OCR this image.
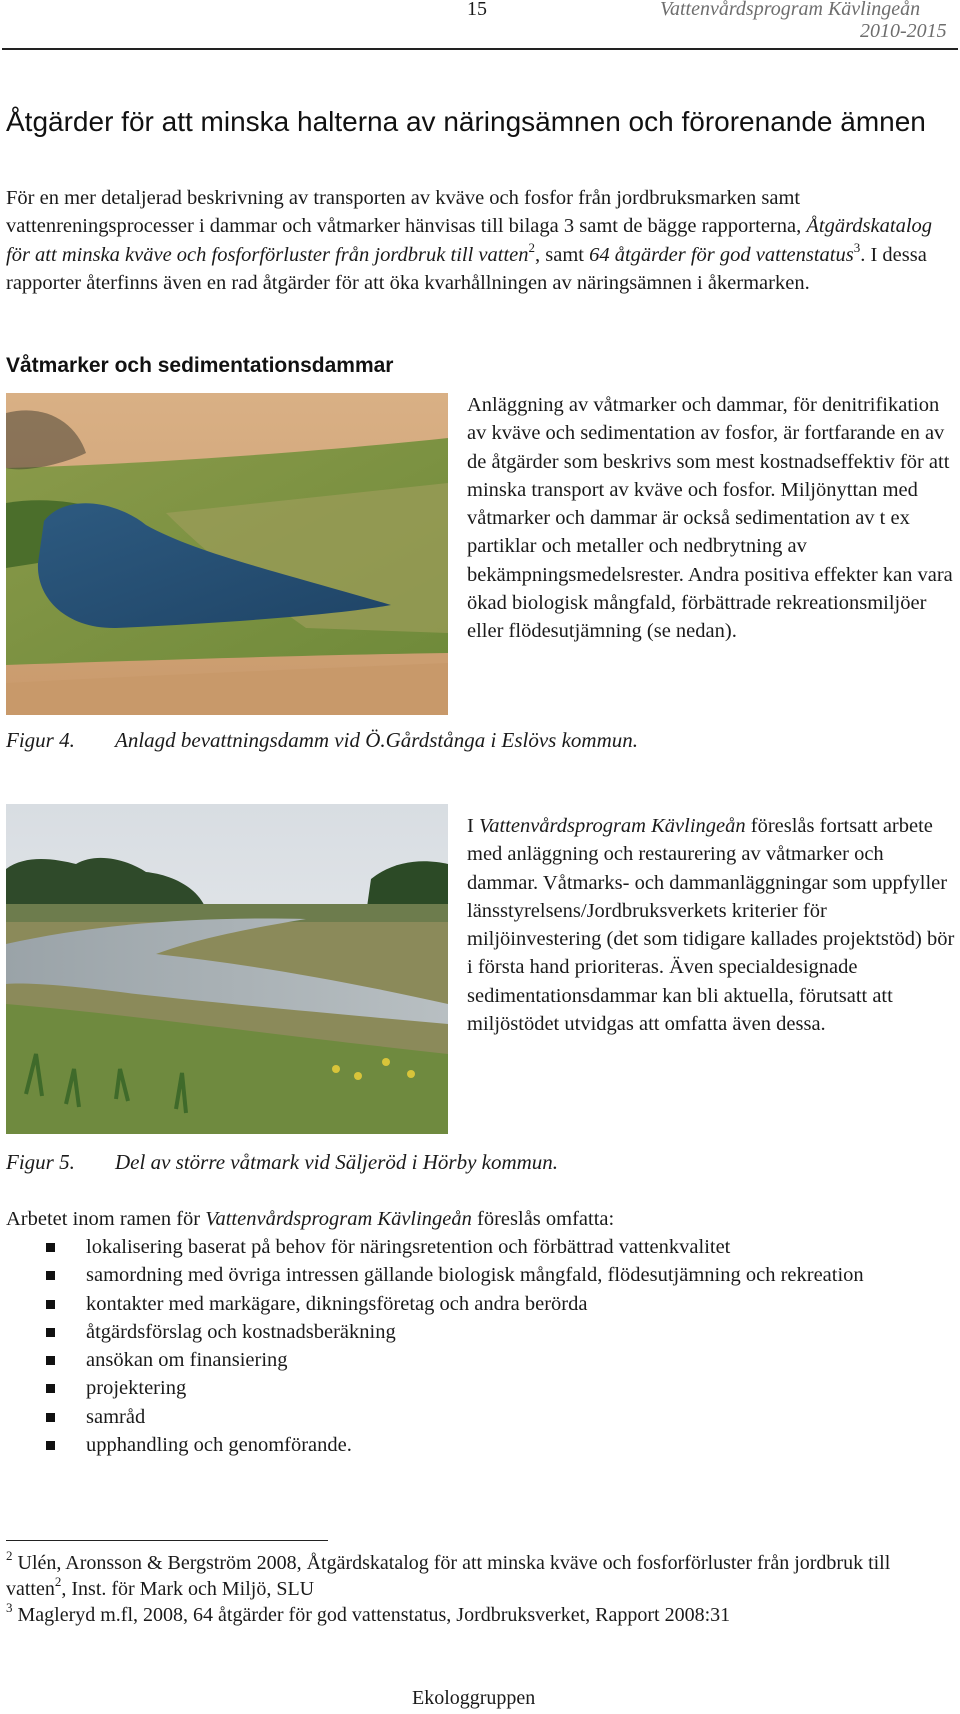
15	Vattenvårdsprogram Kävlingeån
2010-2015
Åtgärder för att minska halterna av näringsämnen och förorenande ämnen
För en mer detaljerad beskrivning av transporten av kväve och fosfor från jordbruksmarken samt vattenreningsprocesser i dammar och våtmarker hänvisas till bilaga 3 samt de bägge rapporterna, Åtgärdskatalog för att minska kväve och fosforförluster från jordbruk till vatten$^2$, samt 64 åtgärder för god vattenstatus$^3$. I dessa rapporter återfinns även en rad åtgärder för att öka kvarhållningen av näringsämnen i åkermarken.
Våtmarker och sedimentationsdammar
Anläggning av våtmarker och dammar, för denitrifikation av kväve och sedimentation av fosfor, är fortfarande en av de åtgärder som beskrivs som mest kostnadseffektiv för att minska transport av kväve och fosfor. Miljönyttan med våtmarker och dammar är också sedimentation av t ex partiklar och metaller och nedbrytning av bekämpningsmedelsrester. Andra positiva effekter kan vara ökad biologisk mångfald, förbättrade rekreationsmiljöer eller flödesutjämning (se nedan).
Figur 4. Anlagd bevattningsdamm vid Ö.Gårdstånga i Eslövs kommun.
I Vattenvårdsprogram Kävlingeån föreslås fortsatt arbete med anläggning och restaurering av våtmarker och dammar. Våtmarks- och dammanläggningar som uppfyller länsstyrelsens/Jordbruksverkets kriterier för miljöinvestering (det som tidigare kallades projektstöd) bör i första hand prioriteras. Även specialdesignade sedimentationsdammar kan bli aktuella, förutsatt att miljöstödet utvidgas att omfatta även dessa.
Figur 5. Del av större våtmark vid Säljeröd i Hörby kommun.
Arbetet inom ramen för Vattenvårdsprogram Kävlingeån föreslås omfatta:
lokalisering baserat på behov för näringsretention och förbättrad vattenkvalitet
samordning med övriga intressen gällande biologisk mångfald, flödesutjämning och rekreation
kontakter med markägare, dikningsföretag och andra berörda
åtgärdsförslag och kostnadsberäkning
ansökan om finansiering
projektering
samråd
upphandling och genomförande.
$^2$ Ulén, Aronsson & Bergström 2008, Åtgärdskatalog för att minska kväve och fosforförluster från jordbruk till vatten$^2$, Inst. för Mark och Miljö, SLU
$^3$ Magleryd m.fl, 2008, 64 åtgärder för god vattenstatus, Jordbruksverket, Rapport 2008:31
Ekologgruppen
